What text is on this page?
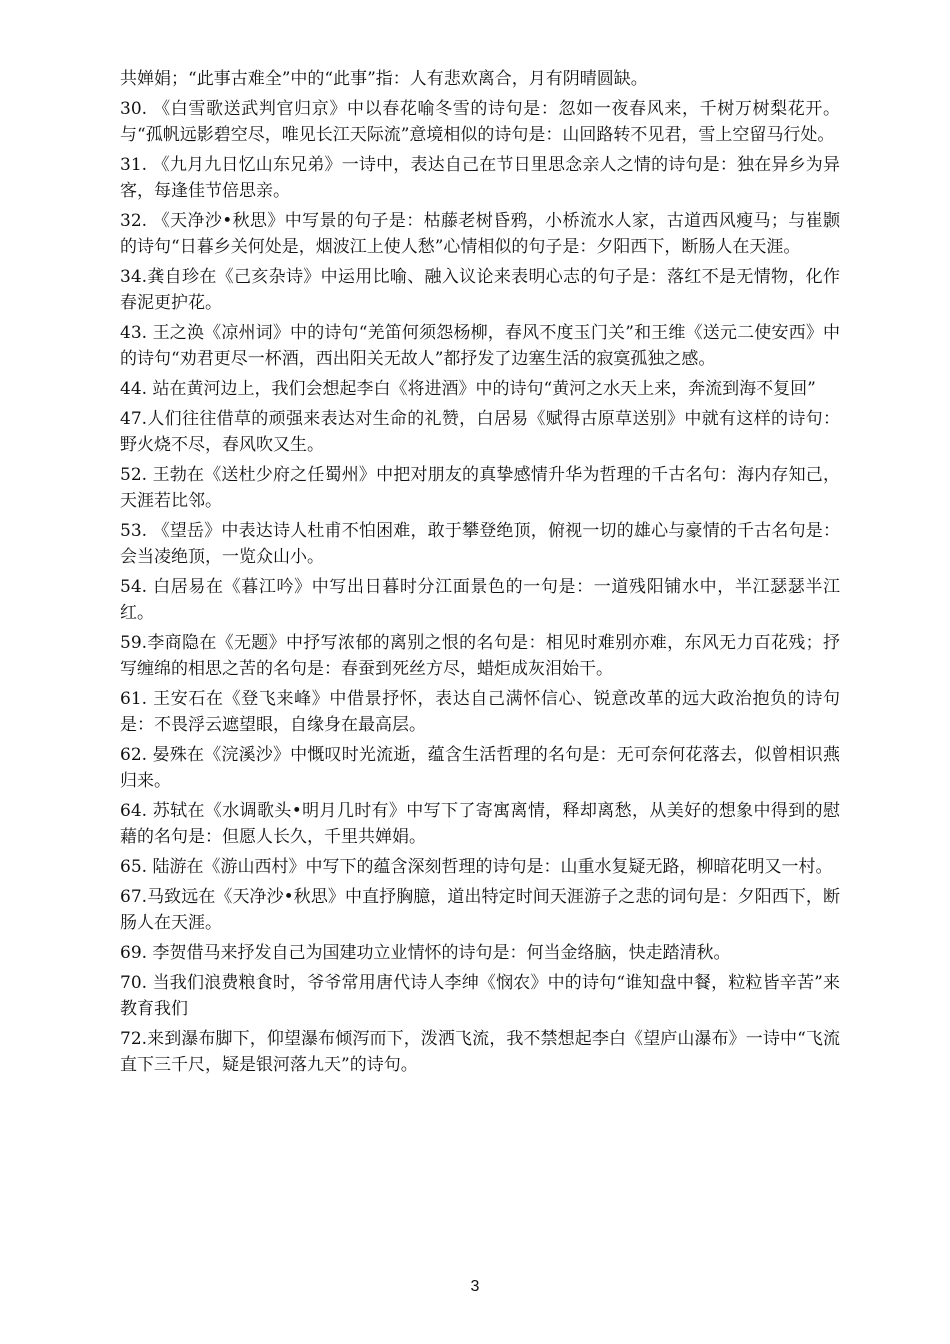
共婵娟；“此事古难全”中的“此事”指：人有悲欢离合，月有阴晴圆缺。

30. 《白雪歌送武判官归京》中以春花喻冬雪的诗句是：忽如一夜春风来，千树万树梨花开。与“孤帆远影碧空尽，唯见长江天际流”意境相似的诗句是：山回路转不见君，雪上空留马行处。

31. 《九月九日忆山东兄弟》一诗中，表达自己在节日里思念亲人之情的诗句是：独在异乡为异客，每逢佳节倍思亲。

32. 《天净沙•秋思》中写景的句子是：枯藤老树昏鸦，小桥流水人家，古道西风瘦马；与崔颢的诗句“日暮乡关何处是，烟波江上使人愁”心情相似的句子是：夕阳西下，断肠人在天涯。

34.龚自珍在《己亥杂诗》中运用比喻、融入议论来表明心志的句子是：落红不是无情物，化作春泥更护花。

43. 王之涣《凉州词》中的诗句“羌笛何须怨杨柳，春风不度玉门关”和王维《送元二使安西》中的诗句“劝君更尽一杯酒，西出阳关无故人”都抒发了边塞生活的寂寞孤独之感。

44. 站在黄河边上，我们会想起李白《将进酒》中的诗句“黄河之水天上来，奔流到海不复回”

47.人们往往借草的顽强来表达对生命的礼赞，白居易《赋得古原草送别》中就有这样的诗句：野火烧不尽，春风吹又生。

52. 王勃在《送杜少府之任蜀州》中把对朋友的真挚感情升华为哲理的千古名句：海内存知己，天涯若比邻。

53. 《望岳》中表达诗人杜甫不怕困难，敢于攀登绝顶，俯视一切的雄心与豪情的千古名句是：会当凌绝顶，一览众山小。

54. 白居易在《暮江吟》中写出日暮时分江面景色的一句是：一道残阳铺水中，半江瑟瑟半江红。

59.李商隐在《无题》中抒写浓郁的离别之恨的名句是：相见时难别亦难，东风无力百花残；抒写缠绵的相思之苦的名句是：春蚕到死丝方尽，蜡炬成灰泪始干。

61. 王安石在《登飞来峰》中借景抒怀，表达自己满怀信心、锐意改革的远大政治抱负的诗句是：不畏浮云遮望眼，自缘身在最高层。

62. 晏殊在《浣溪沙》中慨叹时光流逝，蕴含生活哲理的名句是：无可奈何花落去，似曾相识燕归来。

64. 苏轼在《水调歌头•明月几时有》中写下了寄寓离情，释却离愁，从美好的想象中得到的慰藉的名句是：但愿人长久，千里共婵娟。

65. 陆游在《游山西村》中写下的蕴含深刻哲理的诗句是：山重水复疑无路，柳暗花明又一村。

67.马致远在《天净沙•秋思》中直抒胸臆，道出特定时间天涯游子之悲的词句是：夕阳西下，断肠人在天涯。

69. 李贺借马来抒发自己为国建功立业情怀的诗句是：何当金络脑，快走踏清秋。

70. 当我们浪费粮食时，爷爷常用唐代诗人李绅《悯农》中的诗句“谁知盘中餐，粒粒皆辛苦”来教育我们

72.来到瀑布脚下，仰望瀑布倾泻而下，泼洒飞流，我不禁想起李白《望庐山瀑布》一诗中“飞流直下三千尺，疑是银河落九天”的诗句。

3
